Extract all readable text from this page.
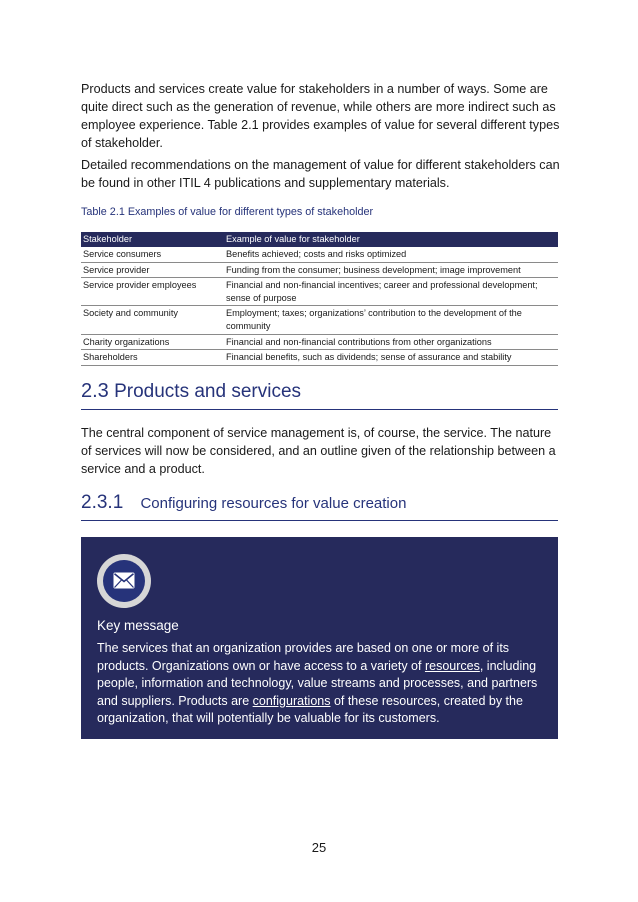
Products and services create value for stakeholders in a number of ways. Some are quite direct such as the generation of revenue, while others are more indirect such as employee experience. Table 2.1 provides examples of value for several different types of stakeholder.

Detailed recommendations on the management of value for different stakeholders can be found in other ITIL 4 publications and supplementary materials.

Table 2.1 Examples of value for different types of stakeholder

Stakeholder	Example of value for stakeholder
Service consumers	Benefits achieved; costs and risks optimized
Service provider	Funding from the consumer; business development; image improvement
Service provider employees	Financial and non-financial incentives; career and professional development; sense of purpose
Society and community	Employment; taxes; organizations’ contribution to the development of the community
Charity organizations	Financial and non-financial contributions from other organizations
Shareholders	Financial benefits, such as dividends; sense of assurance and stability
2.3 Products and services

The central component of service management is, of course, the service. The nature of services will now be considered, and an outline given of the relationship between a service and a product.

2.3.1 Configuring resources for value creation

Key message

The services that an organization provides are based on one or more of its products. Organizations own or have access to a variety of resources, including people, information and technology, value streams and processes, and partners and suppliers. Products are configurations of these resources, created by the organization, that will potentially be valuable for its customers.

25
